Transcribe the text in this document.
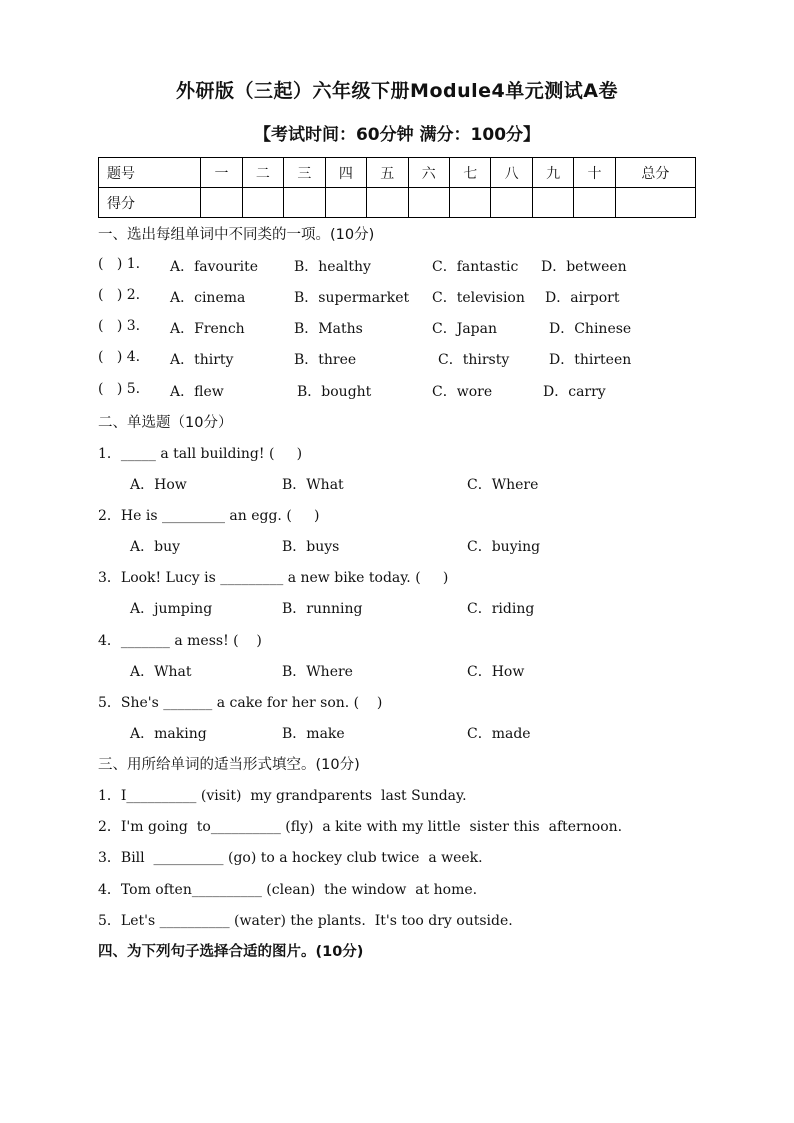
外研版（三起）六年级下册Module4单元测试A卷
【考试时间：60分钟 满分：100分】
题号	一	二	三	四	五	六	七	八	九	十	总分
得分											
一、选出每组单词中不同类的一项。(10分)
(   ) 1. A．favourite	B．healthy	C．fantastic D．between
(   ) 2. A．cinema	B．supermarket C．television D．airport
(   ) 3. A．French	B．Maths	C．Japan	D．Chinese
(   ) 4. A．thirty	B．three	C．thirsty	D．thirteen
(   ) 5. A．flew	B．bought	C．wore	D．carry
二、单选题（10分）
1．_____ a tall building! (     )
A．How	B．What	C．Where
2．He is _________ an egg. (     )
A．buy	B．buys	C．buying
3．Look! Lucy is _________ a new bike today. (     )
A．jumping	B．running	C．riding
4．_______ a mess! (    )
A．What	B．Where	C．How
5．She's _______ a cake for her son. (    )
A．making	B．make	C．made
三、用所给单词的适当形式填空。(10分)
1．I__________ (visit)  my grandparents  last Sunday.
2．I'm going  to__________ (fly)  a kite with my little  sister this  afternoon.
3．Bill  __________ (go) to a hockey club twice  a week.
4．Tom often__________ (clean)  the window  at home.
5．Let's __________ (water) the plants.  It's too dry outside.
四、为下列句子选择合适的图片。(10分)
